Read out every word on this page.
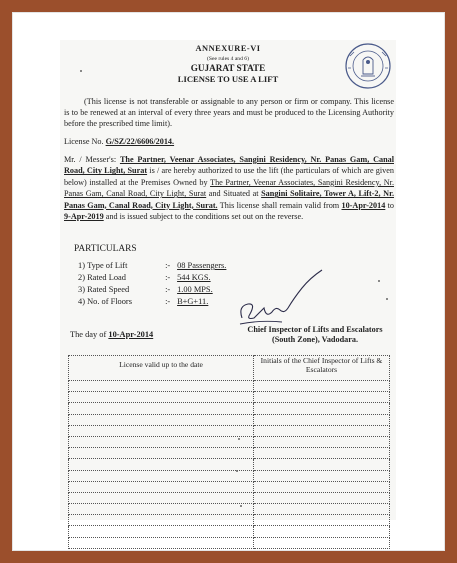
ANNEXURE-VI
(See rules 4 and 6)
GUJARAT STATE
LICENSE TO USE A LIFT
(This license is not transferable or assignable to any person or firm or company. This license is to be renewed at an interval of every three years and must be produced to the Licensing Authority before the prescribed time limit).
License No. G/SZ/22/6606/2014.
Mr. / Messer's: The Partner, Veenar Associates, Sangini Residency, Nr. Panas Gam, Canal Road, City Light, Surat is / are hereby authorized to use the lift (the particulars of which are given below) installed at the Premises Owned by The Partner, Veenar Associates, Sangini Residency, Nr. Panas Gam, Canal Road, City Light, Surat and Situated at Sangini Solitaire, Tower A, Lift-2, Nr. Panas Gam, Canal Road, City Light, Surat. This license shall remain valid from 10-Apr-2014 to 9-Apr-2019 and is issued subject to the conditions set out on the reverse.
PARTICULARS
1) Type of Lift	:- 08 Passengers.
2) Rated Load	:- 544 KGS.
3) Rated Speed	:- 1.00 MPS.
4) No. of Floors	:- B+G+11.
The day of 10-Apr-2014
Chief Inspector of Lifts and Escalators
(South Zone), Vadodara.
License valid up to the date	Initials of the Chief Inspector of Lifts & Escalators
